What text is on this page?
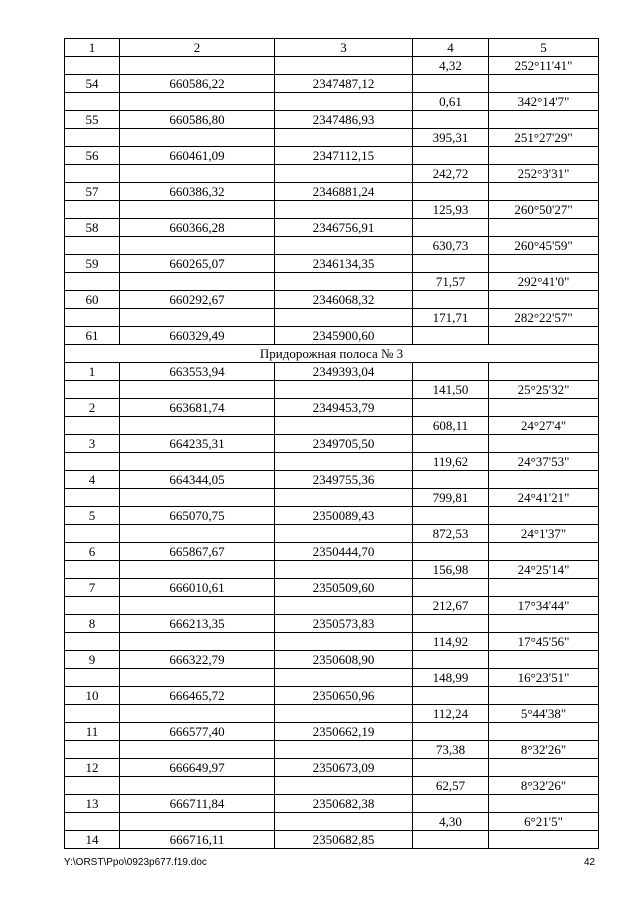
1	2	3	4	5
			4,32	252°11'41"
54	660586,22	2347487,12		
			0,61	342°14'7"
55	660586,80	2347486,93		
			395,31	251°27'29"
56	660461,09	2347112,15		
			242,72	252°3'31"
57	660386,32	2346881,24		
			125,93	260°50'27"
58	660366,28	2346756,91		
			630,73	260°45'59"
59	660265,07	2346134,35		
			71,57	292°41'0"
60	660292,67	2346068,32		
			171,71	282°22'57"
61	660329,49	2345900,60		
Придорожная полоса № 3				
1	663553,94	2349393,04		
			141,50	25°25'32"
2	663681,74	2349453,79		
			608,11	24°27'4"
3	664235,31	2349705,50		
			119,62	24°37'53"
4	664344,05	2349755,36		
			799,81	24°41'21"
5	665070,75	2350089,43		
			872,53	24°1'37"
6	665867,67	2350444,70		
			156,98	24°25'14"
7	666010,61	2350509,60		
			212,67	17°34'44"
8	666213,35	2350573,83		
			114,92	17°45'56"
9	666322,79	2350608,90		
			148,99	16°23'51"
10	666465,72	2350650,96		
			112,24	5°44'38"
11	666577,40	2350662,19		
			73,38	8°32'26"
12	666649,97	2350673,09		
			62,57	8°32'26"
13	666711,84	2350682,38		
			4,30	6°21'5"
14	666716,11	2350682,85		
Y:\ORST\Ppo\0923p677.f19.doc	42
